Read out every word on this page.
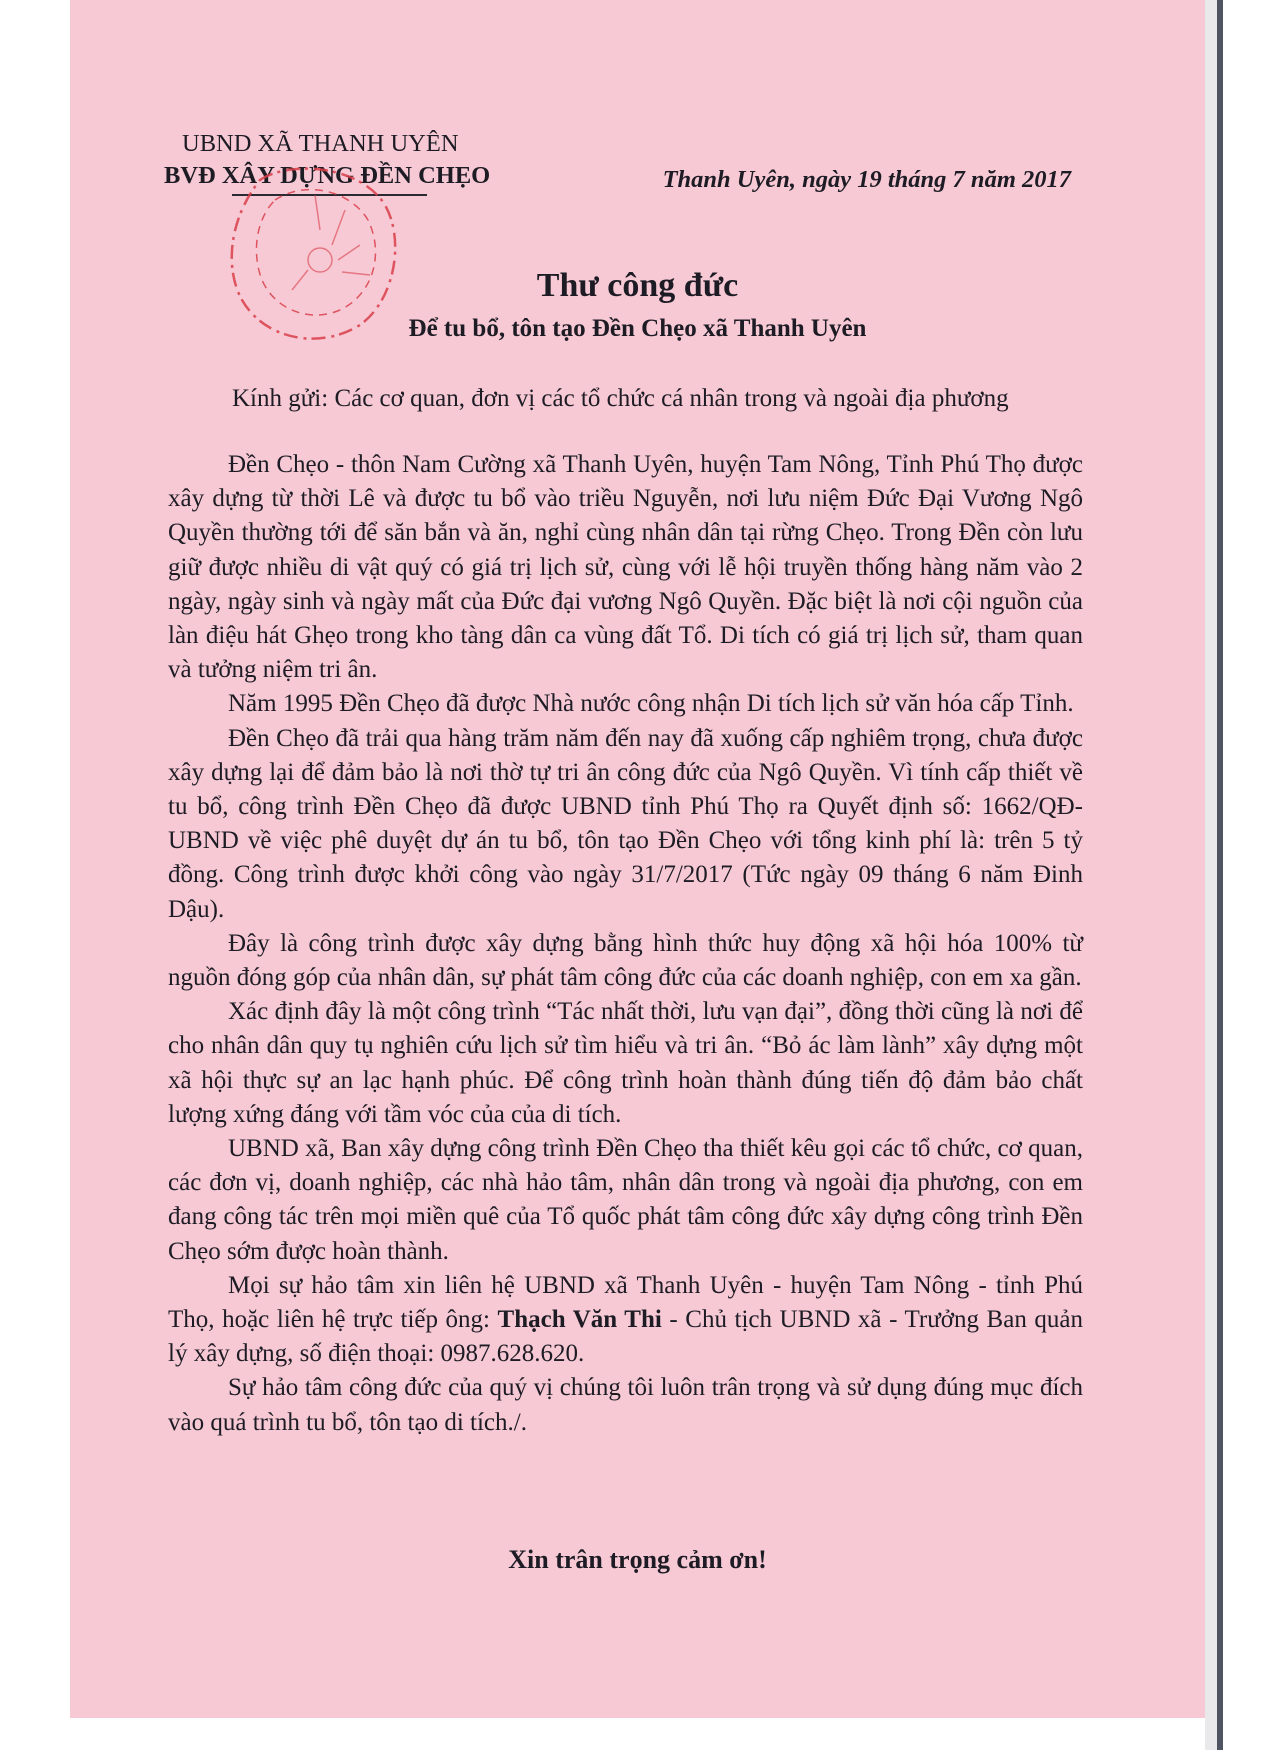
UBND XÃ THANH UYÊN
BVĐ XÂY DỰNG ĐỀN CHẸO	Thanh Uyên, ngày 19 tháng 7 năm 2017
Thư công đức
Để tu bổ, tôn tạo Đền Chẹo xã Thanh Uyên
Kính gửi: Các cơ quan, đơn vị các tổ chức cá nhân trong và ngoài địa phương

Đền Chẹo - thôn Nam Cường xã Thanh Uyên, huyện Tam Nông, Tỉnh Phú Thọ được xây dựng từ thời Lê và được tu bổ vào triều Nguyễn, nơi lưu niệm Đức Đại Vương Ngô Quyền thường tới để săn bắn và ăn, nghỉ cùng nhân dân tại rừng Chẹo. Trong Đền còn lưu giữ được nhiều di vật quý có giá trị lịch sử, cùng với lễ hội truyền thống hàng năm vào 2 ngày, ngày sinh và ngày mất của Đức đại vương Ngô Quyền. Đặc biệt là nơi cội nguồn của làn điệu hát Ghẹo trong kho tàng dân ca vùng đất Tổ. Di tích có giá trị lịch sử, tham quan và tưởng niệm tri ân.

Năm 1995 Đền Chẹo đã được Nhà nước công nhận Di tích lịch sử văn hóa cấp Tỉnh.

Đền Chẹo đã trải qua hàng trăm năm đến nay đã xuống cấp nghiêm trọng, chưa được xây dựng lại để đảm bảo là nơi thờ tự tri ân công đức của Ngô Quyền. Vì tính cấp thiết về tu bổ, công trình Đền Chẹo đã được UBND tỉnh Phú Thọ ra Quyết định số: 1662/QĐ-UBND về việc phê duyệt dự án tu bổ, tôn tạo Đền Chẹo với tổng kinh phí là: trên 5 tỷ đồng. Công trình được khởi công vào ngày 31/7/2017 (Tức ngày 09 tháng 6 năm Đinh Dậu).

Đây là công trình được xây dựng bằng hình thức huy động xã hội hóa 100% từ nguồn đóng góp của nhân dân, sự phát tâm công đức của các doanh nghiệp, con em xa gần.

Xác định đây là một công trình “Tác nhất thời, lưu vạn đại”, đồng thời cũng là nơi để cho nhân dân quy tụ nghiên cứu lịch sử tìm hiểu và tri ân. “Bỏ ác làm lành” xây dựng một xã hội thực sự an lạc hạnh phúc. Để công trình hoàn thành đúng tiến độ đảm bảo chất lượng xứng đáng với tầm vóc của của di tích.

UBND xã, Ban xây dựng công trình Đền Chẹo tha thiết kêu gọi các tổ chức, cơ quan, các đơn vị, doanh nghiệp, các nhà hảo tâm, nhân dân trong và ngoài địa phương, con em đang công tác trên mọi miền quê của Tổ quốc phát tâm công đức xây dựng công trình Đền Chẹo sớm được hoàn thành.

Mọi sự hảo tâm xin liên hệ UBND xã Thanh Uyên - huyện Tam Nông - tỉnh Phú Thọ, hoặc liên hệ trực tiếp ông: Thạch Văn Thi - Chủ tịch UBND xã - Trưởng Ban quản lý xây dựng, số điện thoại: 0987.628.620.

Sự hảo tâm công đức của quý vị chúng tôi luôn trân trọng và sử dụng đúng mục đích vào quá trình tu bổ, tôn tạo di tích./.

Xin trân trọng cảm ơn!
